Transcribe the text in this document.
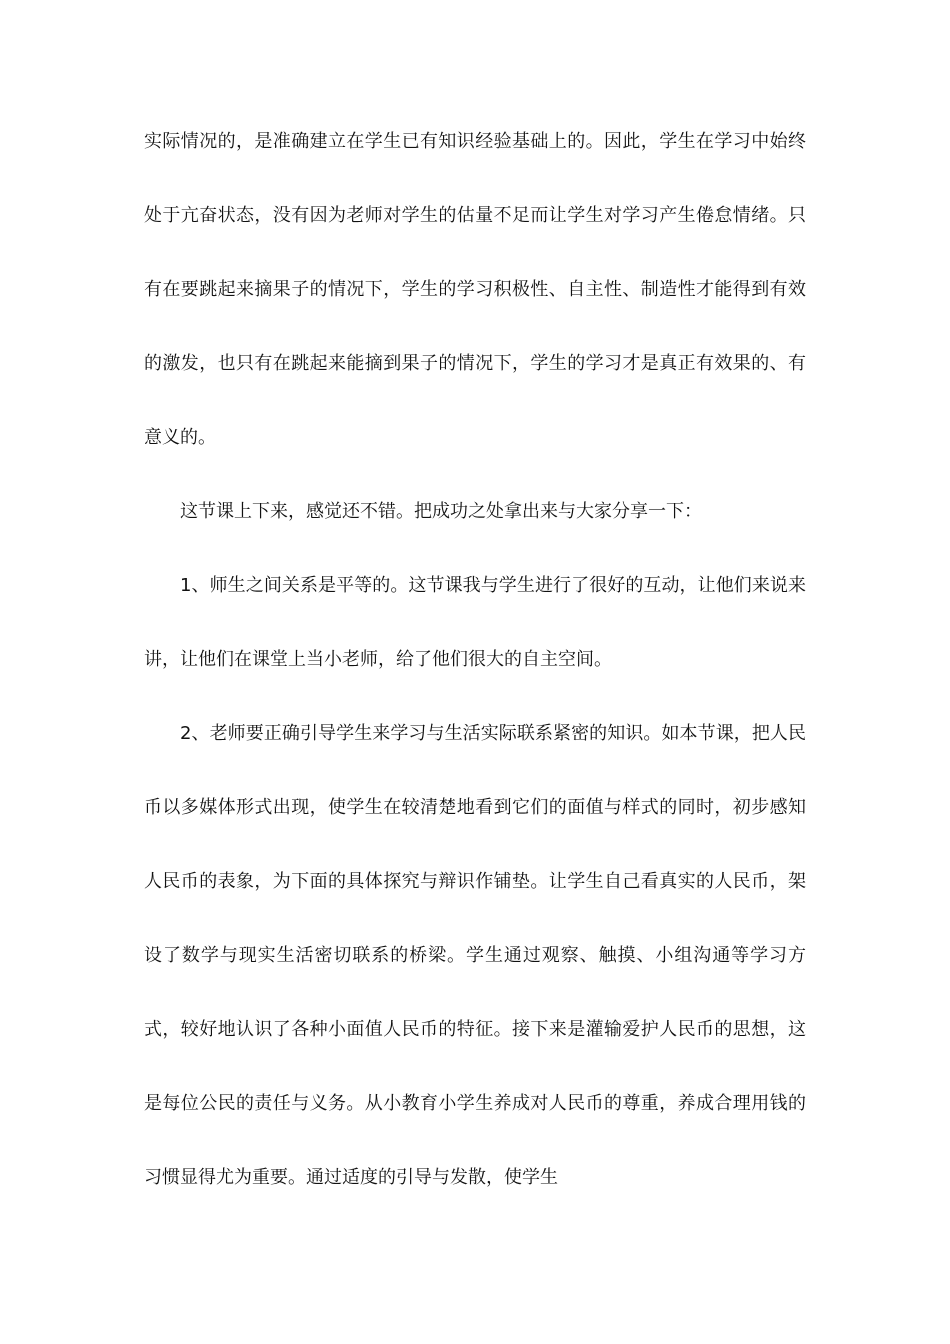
实际情况的，是准确建立在学生已有知识经验基础上的。因此，学生在学习中始终处于亢奋状态，没有因为老师对学生的估量不足而让学生对学习产生倦怠情绪。只有在要跳起来摘果子的情况下，学生的学习积极性、自主性、制造性才能得到有效的激发，也只有在跳起来能摘到果子的情况下，学生的学习才是真正有效果的、有意义的。

这节课上下来，感觉还不错。把成功之处拿出来与大家分享一下：

1、师生之间关系是平等的。这节课我与学生进行了很好的互动，让他们来说来讲，让他们在课堂上当小老师，给了他们很大的自主空间。

2、老师要正确引导学生来学习与生活实际联系紧密的知识。如本节课，把人民币以多媒体形式出现，使学生在较清楚地看到它们的面值与样式的同时，初步感知人民币的表象，为下面的具体探究与辩识作铺垫。让学生自己看真实的人民币，架设了数学与现实生活密切联系的桥梁。学生通过观察、触摸、小组沟通等学习方式，较好地认识了各种小面值人民币的特征。接下来是灌输爱护人民币的思想，这是每位公民的责任与义务。从小教育小学生养成对人民币的尊重，养成合理用钱的习惯显得尤为重要。通过适度的引导与发散，使学生
